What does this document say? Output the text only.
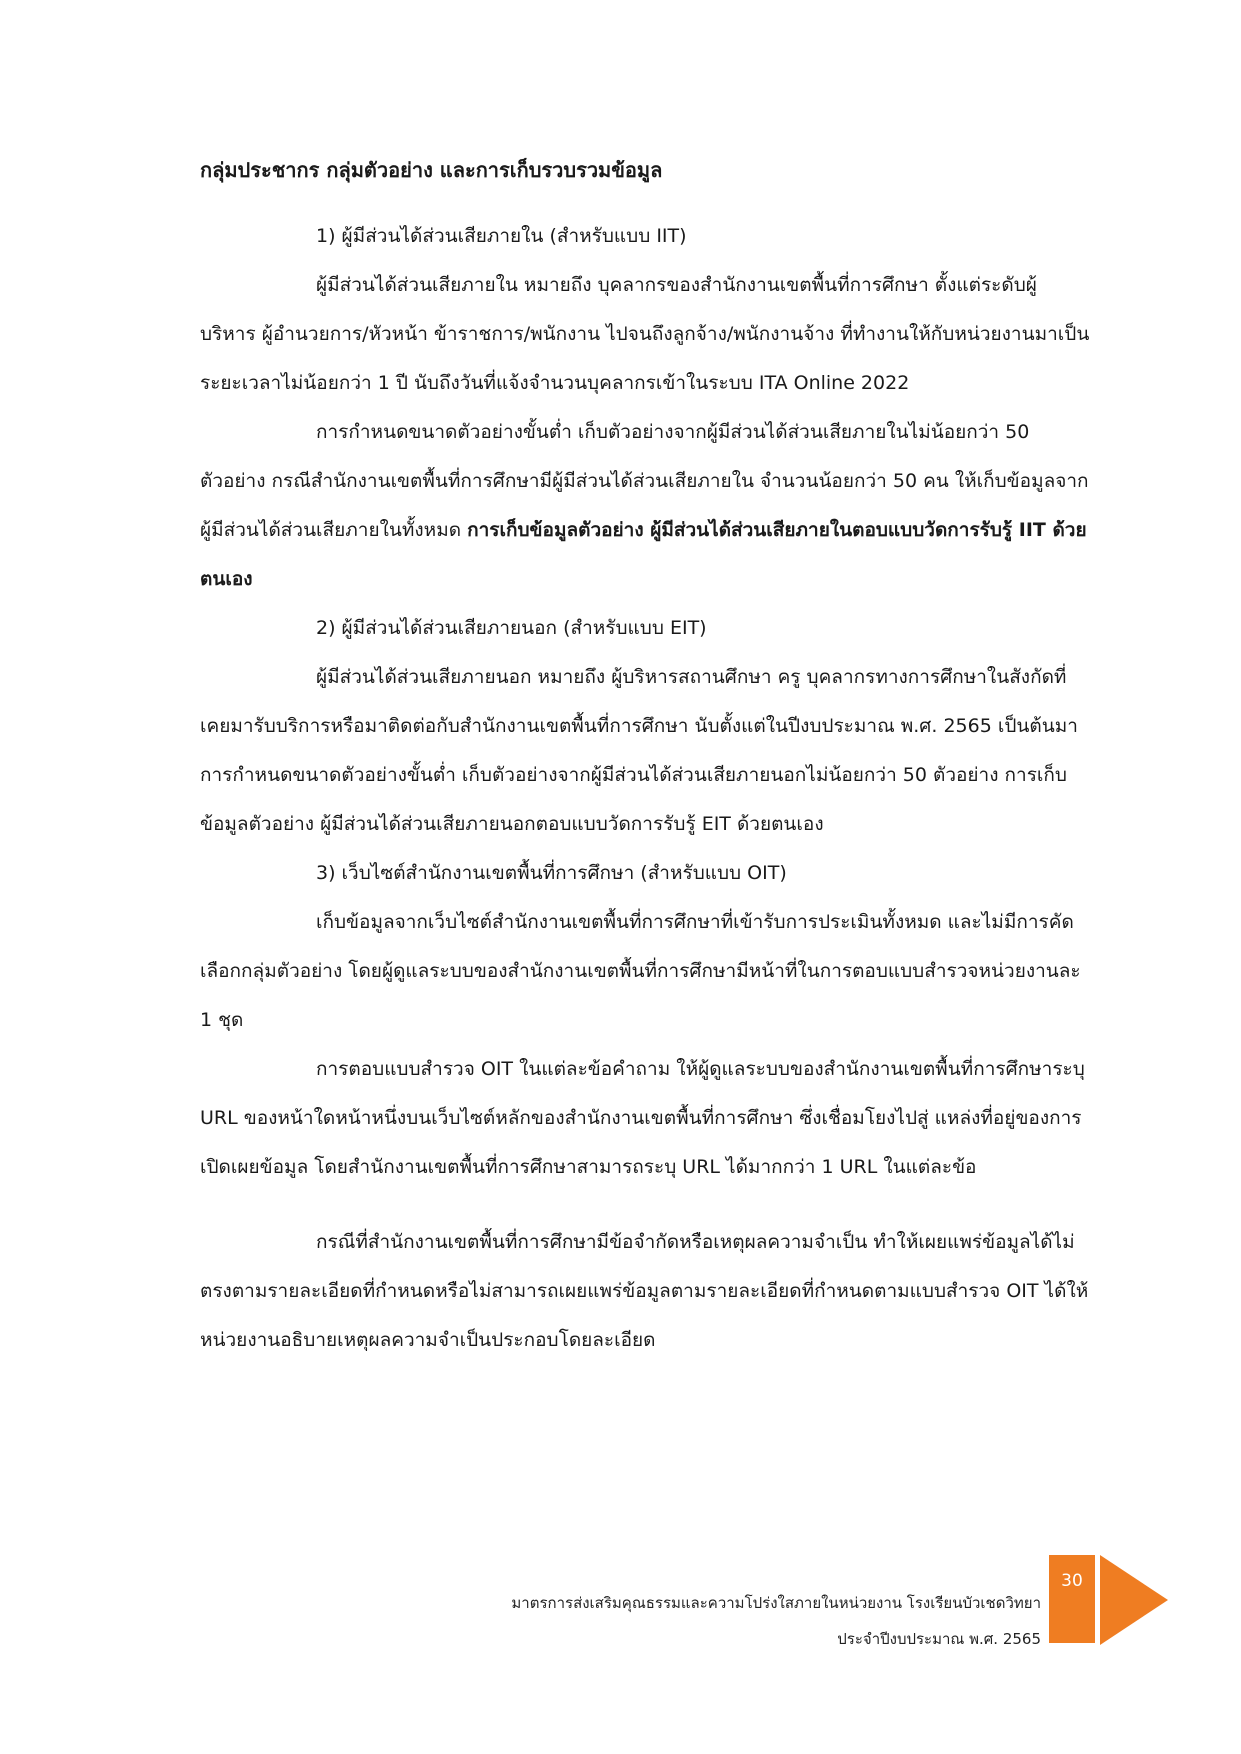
กลุ่มประชากร กลุ่มตัวอย่าง และการเก็บรวบรวมข้อมูล

1) ผู้มีส่วนได้ส่วนเสียภายใน (สำหรับแบบ IIT)

ผู้มีส่วนได้ส่วนเสียภายใน หมายถึง บุคลากรของสำนักงานเขตพื้นที่การศึกษา ตั้งแต่ระดับผู้บริหาร ผู้อำนวยการ/หัวหน้า ข้าราชการ/พนักงาน ไปจนถึงลูกจ้าง/พนักงานจ้าง ที่ทำงานให้กับหน่วยงานมาเป็นระยะเวลาไม่น้อยกว่า 1 ปี นับถึงวันที่แจ้งจำนวนบุคลากรเข้าในระบบ ITA Online 2022

การกำหนดขนาดตัวอย่างขั้นต่ำ เก็บตัวอย่างจากผู้มีส่วนได้ส่วนเสียภายในไม่น้อยกว่า 50 ตัวอย่าง กรณีสำนักงานเขตพื้นที่การศึกษามีผู้มีส่วนได้ส่วนเสียภายใน จำนวนน้อยกว่า 50 คน ให้เก็บข้อมูลจากผู้มีส่วนได้ส่วนเสียภายในทั้งหมด การเก็บข้อมูลตัวอย่าง ผู้มีส่วนได้ส่วนเสียภายในตอบแบบวัดการรับรู้ IIT ด้วยตนเอง

2) ผู้มีส่วนได้ส่วนเสียภายนอก (สำหรับแบบ EIT)

ผู้มีส่วนได้ส่วนเสียภายนอก หมายถึง ผู้บริหารสถานศึกษา ครู บุคลากรทางการศึกษาในสังกัดที่เคยมารับบริการหรือมาติดต่อกับสำนักงานเขตพื้นที่การศึกษา นับตั้งแต่ในปีงบประมาณ พ.ศ. 2565 เป็นต้นมา การกำหนดขนาดตัวอย่างขั้นต่ำ เก็บตัวอย่างจากผู้มีส่วนได้ส่วนเสียภายนอกไม่น้อยกว่า 50 ตัวอย่าง การเก็บข้อมูลตัวอย่าง ผู้มีส่วนได้ส่วนเสียภายนอกตอบแบบวัดการรับรู้ EIT ด้วยตนเอง

3) เว็บไซต์สำนักงานเขตพื้นที่การศึกษา (สำหรับแบบ OIT)

เก็บข้อมูลจากเว็บไซต์สำนักงานเขตพื้นที่การศึกษาที่เข้ารับการประเมินทั้งหมด และไม่มีการคัดเลือกกลุ่มตัวอย่าง โดยผู้ดูแลระบบของสำนักงานเขตพื้นที่การศึกษามีหน้าที่ในการตอบแบบสำรวจหน่วยงานละ 1 ชุด

การตอบแบบสำรวจ OIT ในแต่ละข้อคำถาม ให้ผู้ดูแลระบบของสำนักงานเขตพื้นที่การศึกษาระบุ URL ของหน้าใดหน้าหนึ่งบนเว็บไซต์หลักของสำนักงานเขตพื้นที่การศึกษา ซึ่งเชื่อมโยงไปสู่ แหล่งที่อยู่ของการเปิดเผยข้อมูล โดยสำนักงานเขตพื้นที่การศึกษาสามารถระบุ URL ได้มากกว่า 1 URL ในแต่ละข้อ

กรณีที่สำนักงานเขตพื้นที่การศึกษามีข้อจำกัดหรือเหตุผลความจำเป็น ทำให้เผยแพร่ข้อมูลได้ไม่ตรงตามรายละเอียดที่กำหนดหรือไม่สามารถเผยแพร่ข้อมูลตามรายละเอียดที่กำหนดตามแบบสำรวจ OIT ได้ให้หน่วยงานอธิบายเหตุผลความจำเป็นประกอบโดยละเอียด

มาตรการส่งเสริมคุณธรรมและความโปร่งใสภายในหน่วยงาน โรงเรียนบัวเชดวิทยา
ประจำปีงบประมาณ พ.ศ. 2565
30
